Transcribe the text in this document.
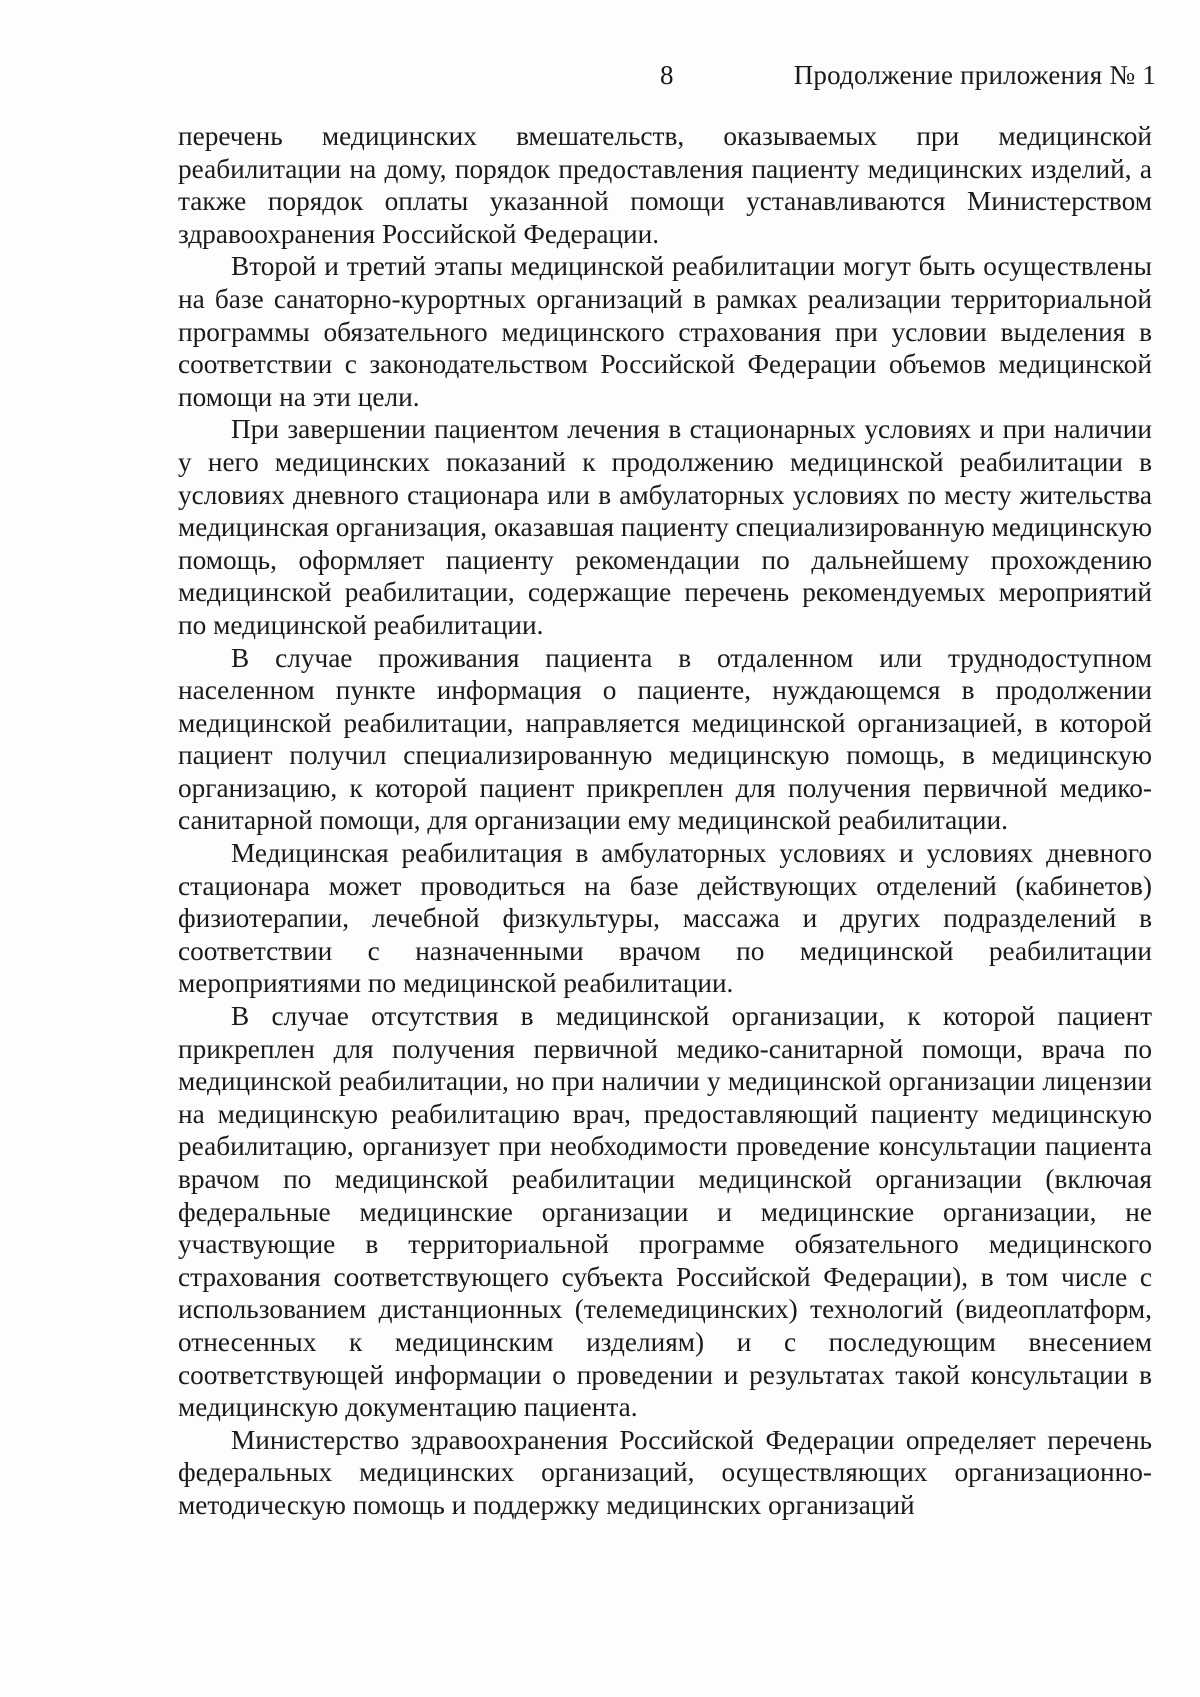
8	Продолжение приложения № 1

перечень медицинских вмешательств, оказываемых при медицинской реабилитации на дому, порядок предоставления пациенту медицинских изделий, а также порядок оплаты указанной помощи устанавливаются Министерством здравоохранения Российской Федерации.

Второй и третий этапы медицинской реабилитации могут быть осуществлены на базе санаторно-курортных организаций в рамках реализации территориальной программы обязательного медицинского страхования при условии выделения в соответствии с законодательством Российской Федерации объемов медицинской помощи на эти цели.

При завершении пациентом лечения в стационарных условиях и при наличии у него медицинских показаний к продолжению медицинской реабилитации в условиях дневного стационара или в амбулаторных условиях по месту жительства медицинская организация, оказавшая пациенту специализированную медицинскую помощь, оформляет пациенту рекомендации по дальнейшему прохождению медицинской реабилитации, содержащие перечень рекомендуемых мероприятий по медицинской реабилитации.

В случае проживания пациента в отдаленном или труднодоступном населенном пункте информация о пациенте, нуждающемся в продолжении медицинской реабилитации, направляется медицинской организацией, в которой пациент получил специализированную медицинскую помощь, в медицинскую организацию, к которой пациент прикреплен для получения первичной медико-санитарной помощи, для организации ему медицинской реабилитации.

Медицинская реабилитация в амбулаторных условиях и условиях дневного стационара может проводиться на базе действующих отделений (кабинетов) физиотерапии, лечебной физкультуры, массажа и других подразделений в соответствии с назначенными врачом по медицинской реабилитации мероприятиями по медицинской реабилитации.

В случае отсутствия в медицинской организации, к которой пациент прикреплен для получения первичной медико-санитарной помощи, врача по медицинской реабилитации, но при наличии у медицинской организации лицензии на медицинскую реабилитацию врач, предоставляющий пациенту медицинскую реабилитацию, организует при необходимости проведение консультации пациента врачом по медицинской реабилитации медицинской организации (включая федеральные медицинские организации и медицинские организации, не участвующие в территориальной программе обязательного медицинского страхования соответствующего субъекта Российской Федерации), в том числе с использованием дистанционных (телемедицинских) технологий (видеоплатформ, отнесенных к медицинским изделиям) и с последующим внесением соответствующей информации о проведении и результатах такой консультации в медицинскую документацию пациента.

Министерство здравоохранения Российской Федерации определяет перечень федеральных медицинских организаций, осуществляющих организационно-методическую помощь и поддержку медицинских организаций
